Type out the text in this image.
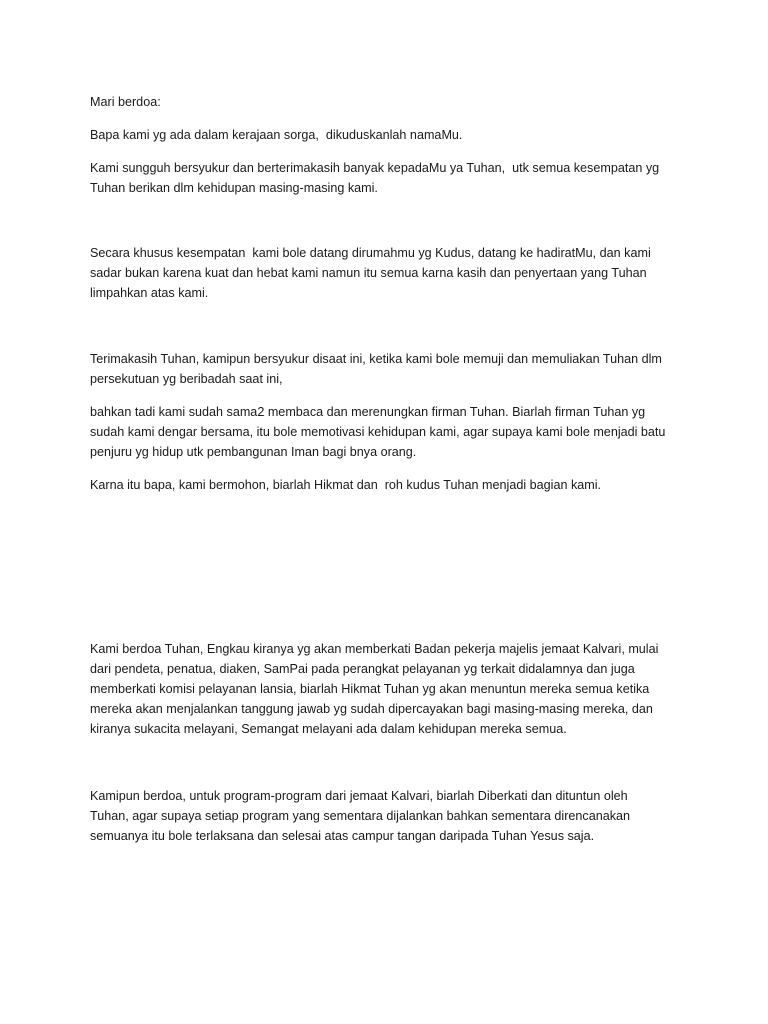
Mari berdoa:

Bapa kami yg ada dalam kerajaan sorga,  dikuduskanlah namaMu.

Kami sungguh bersyukur dan berterimakasih banyak kepadaMu ya Tuhan,  utk semua kesempatan yg
Tuhan berikan dlm kehidupan masing-masing kami.

Secara khusus kesempatan  kami bole datang dirumahmu yg Kudus, datang ke hadiratMu, dan kami
sadar bukan karena kuat dan hebat kami namun itu semua karna kasih dan penyertaan yang Tuhan
limpahkan atas kami.

Terimakasih Tuhan, kamipun bersyukur disaat ini, ketika kami bole memuji dan memuliakan Tuhan dlm
persekutuan yg beribadah saat ini,

bahkan tadi kami sudah sama2 membaca dan merenungkan firman Tuhan. Biarlah firman Tuhan yg
sudah kami dengar bersama, itu bole memotivasi kehidupan kami, agar supaya kami bole menjadi batu
penjuru yg hidup utk pembangunan Iman bagi bnya orang.

Karna itu bapa, kami bermohon, biarlah Hikmat dan  roh kudus Tuhan menjadi bagian kami.

Kami berdoa Tuhan, Engkau kiranya yg akan memberkati Badan pekerja majelis jemaat Kalvari, mulai
dari pendeta, penatua, diaken, SamPai pada perangkat pelayanan yg terkait didalamnya dan juga
memberkati komisi pelayanan lansia, biarlah Hikmat Tuhan yg akan menuntun mereka semua ketika
mereka akan menjalankan tanggung jawab yg sudah dipercayakan bagi masing-masing mereka, dan
kiranya sukacita melayani, Semangat melayani ada dalam kehidupan mereka semua.

Kamipun berdoa, untuk program-program dari jemaat Kalvari, biarlah Diberkati dan dituntun oleh
Tuhan, agar supaya setiap program yang sementara dijalankan bahkan sementara direncanakan
semuanya itu bole terlaksana dan selesai atas campur tangan daripada Tuhan Yesus saja.
